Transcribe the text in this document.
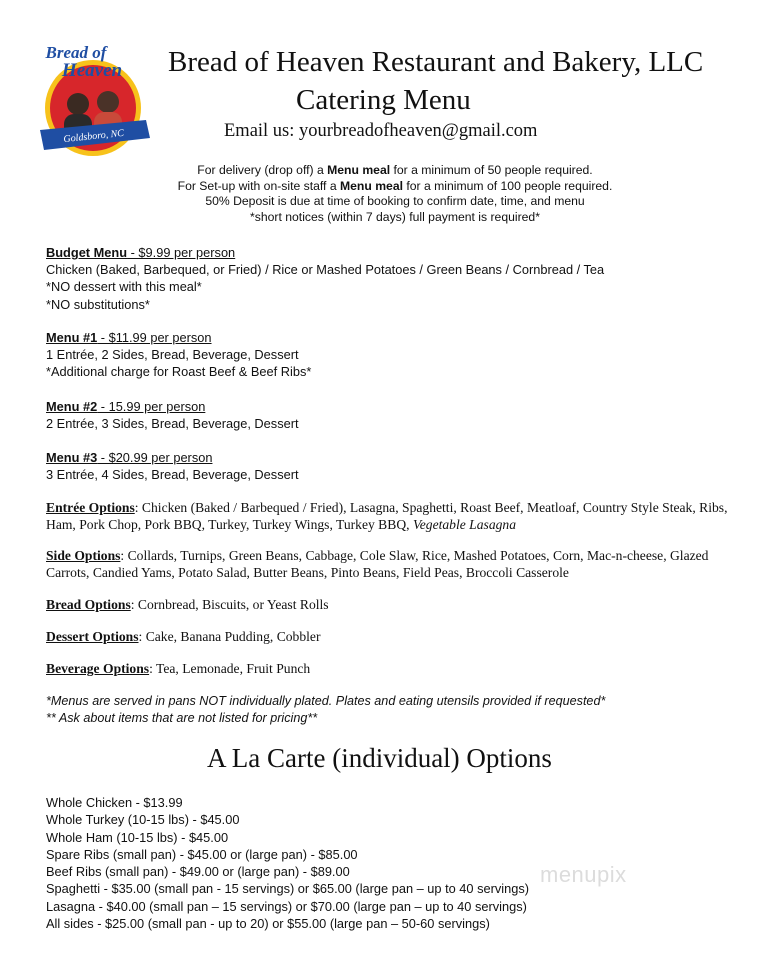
Goldsboro, NC
Bread of
Heaven Bread of Heaven Restaurant and Bakery, LLC
Catering Menu
Email us: yourbreadofheaven@gmail.com
For delivery (drop off) a Menu meal for a minimum of 50 people required.
For Set-up with on-site staff a Menu meal for a minimum of 100 people required.
50% Deposit is due at time of booking to confirm date, time, and menu
*short notices (within 7 days) full payment is required*
Budget Menu - $9.99 per person
Chicken (Baked, Barbequed, or Fried) / Rice or Mashed Potatoes / Green Beans / Cornbread / Tea
*NO dessert with this meal*
*NO substitutions*
Menu #1 - $11.99 per person
1 Entrée, 2 Sides, Bread, Beverage, Dessert
*Additional charge for Roast Beef & Beef Ribs*
Menu #2 - 15.99 per person
2 Entrée, 3 Sides, Bread, Beverage, Dessert
Menu #3 - $20.99 per person
3 Entrée, 4 Sides, Bread, Beverage, Dessert
Entrée Options: Chicken (Baked / Barbequed / Fried), Lasagna, Spaghetti, Roast Beef, Meatloaf, Country Style Steak, Ribs, Ham, Pork Chop, Pork BBQ, Turkey, Turkey Wings, Turkey BBQ, Vegetable Lasagna
Side Options: Collards, Turnips, Green Beans, Cabbage, Cole Slaw, Rice, Mashed Potatoes, Corn, Mac-n-cheese, Glazed Carrots, Candied Yams, Potato Salad, Butter Beans, Pinto Beans, Field Peas, Broccoli Casserole
Bread Options: Cornbread, Biscuits, or Yeast Rolls
Dessert Options: Cake, Banana Pudding, Cobbler
Beverage Options: Tea, Lemonade, Fruit Punch
*Menus are served in pans NOT individually plated. Plates and eating utensils provided if requested*
** Ask about items that are not listed for pricing**
A La Carte (individual) Options
Whole Chicken - $13.99
Whole Turkey (10-15 lbs) - $45.00
Whole Ham (10-15 lbs) - $45.00
Spare Ribs (small pan) - $45.00 or (large pan) - $85.00
Beef Ribs (small pan) - $49.00 or (large pan) - $89.00
Spaghetti - $35.00 (small pan - 15 servings) or $65.00 (large pan – up to 40 servings)
Lasagna - $40.00 (small pan – 15 servings) or $70.00 (large pan – up to 40 servings)
All sides - $25.00 (small pan - up to 20) or $55.00 (large pan – 50-60 servings)
menupix
